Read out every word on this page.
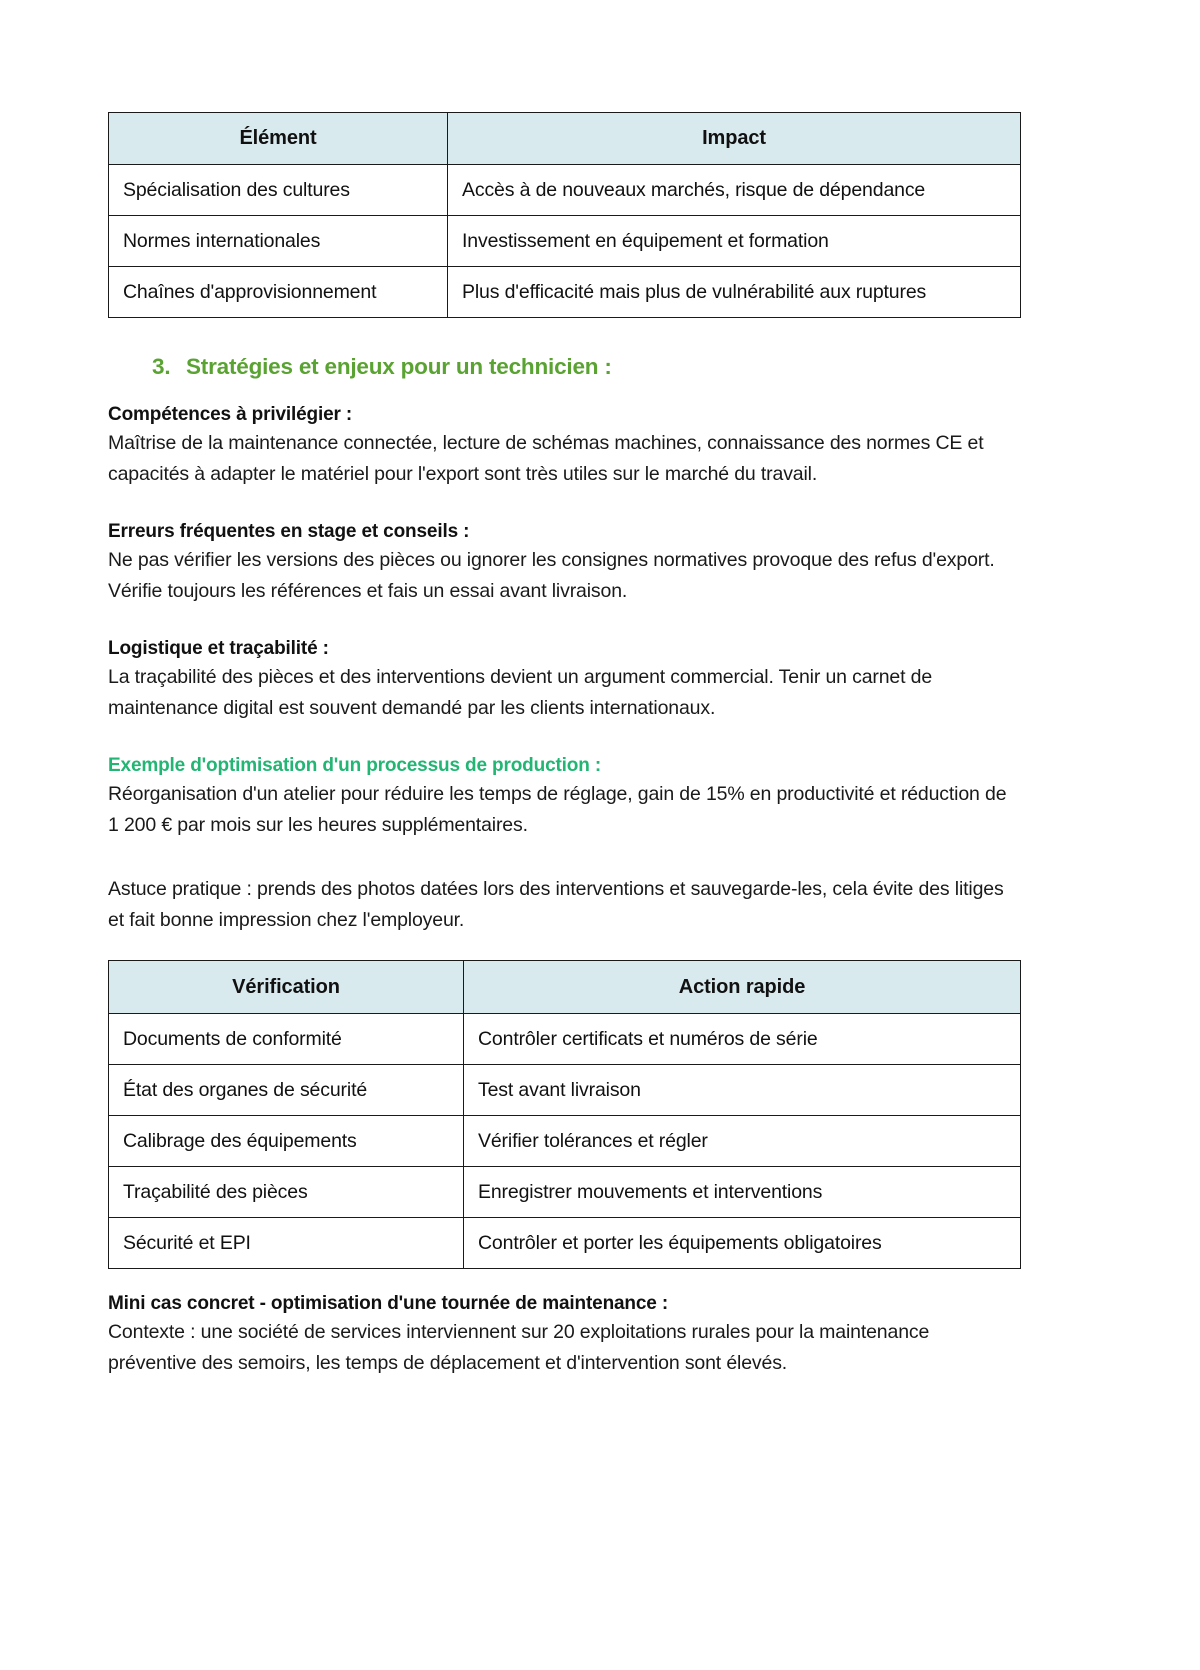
Élément	Impact
Spécialisation des cultures	Accès à de nouveaux marchés, risque de dépendance
Normes internationales	Investissement en équipement et formation
Chaînes d'approvisionnement	Plus d'efficacité mais plus de vulnérabilité aux ruptures
3. Stratégies et enjeux pour un technicien :
Compétences à privilégier :

Maîtrise de la maintenance connectée, lecture de schémas machines, connaissance des normes CE et capacités à adapter le matériel pour l'export sont très utiles sur le marché du travail.

Erreurs fréquentes en stage et conseils :

Ne pas vérifier les versions des pièces ou ignorer les consignes normatives provoque des refus d'export. Vérifie toujours les références et fais un essai avant livraison.

Logistique et traçabilité :

La traçabilité des pièces et des interventions devient un argument commercial. Tenir un carnet de maintenance digital est souvent demandé par les clients internationaux.

Exemple d'optimisation d'un processus de production :

Réorganisation d'un atelier pour réduire les temps de réglage, gain de 15% en productivité et réduction de 1 200 € par mois sur les heures supplémentaires.

Astuce pratique : prends des photos datées lors des interventions et sauvegarde-les, cela évite des litiges et fait bonne impression chez l'employeur.

Vérification	Action rapide
Documents de conformité	Contrôler certificats et numéros de série
État des organes de sécurité	Test avant livraison
Calibrage des équipements	Vérifier tolérances et régler
Traçabilité des pièces	Enregistrer mouvements et interventions
Sécurité et EPI	Contrôler et porter les équipements obligatoires
Mini cas concret - optimisation d'une tournée de maintenance :

Contexte : une société de services interviennent sur 20 exploitations rurales pour la maintenance préventive des semoirs, les temps de déplacement et d'intervention sont élevés.
